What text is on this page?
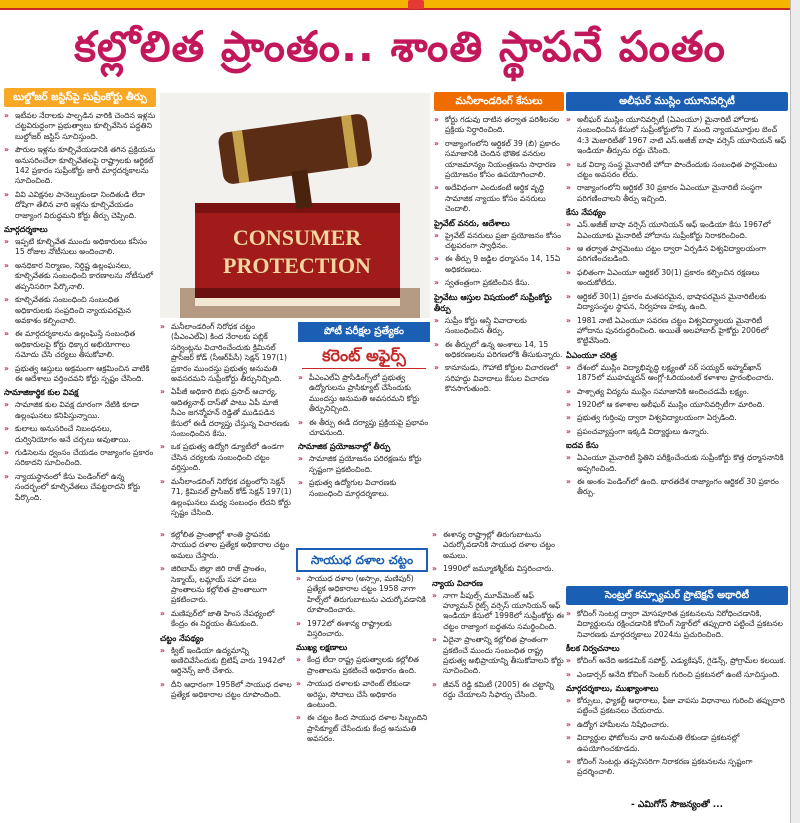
కల్లోలిత ప్రాంతం.. శాంతి స్థాపనే పంతం
బుల్డోజర్ జస్టిస్‌పై సుప్రీంకోర్టు తీర్పు
» ఇటీవల నేరాలకు పాల్పడిన వారికి చెందిన ఇళ్లను చట్టవిరుద్ధంగా ప్రభుత్వాలు కూల్చివేసిన పద్ధతిని బుల్డోజర్ జస్టిస్ సూచిస్తుంది.
» పౌరుల ఇళ్లను కూల్చివేయడానికి తగిన ప్రక్రియను అనుసరించేలా కూల్చివేతలపై రాష్ట్రాలకు ఆర్టికల్ 142 ప్రకారం సుప్రీంకోర్టు జారీ మార్గదర్శకాలను సూచించింది.
» వివి ఎవిక్షనల పానెల్పుకుండా నిందితుడి లేదా దోషిగా తేలిన వారి ఇళ్లను కూల్చివేయడం రాజ్యాంగ విరుద్ధమని కోర్టు తీర్పు చెప్పింది.
మార్గదర్శకాలు
» ఇప్పటి కూల్చివేత ముందు అధికారులు కనీసం 15 రోజుల నోటీసులు అందించాలి.
» అనధికార నిర్మాణం, నిర్దిష్ట ఉల్లంఘనలు, కూల్చివేతకు సంబంధించి కారణాలను నోటీసులో తప్పనిసరిగా పేర్కొనాలి.
» కూల్చివేతకు సంబంధించి సంబంధిత అధికారులకు సంప్రదించి న్యాయపరమైన అవకాశం కల్పించాలి.
» ఈ మార్గదర్శకాలను ఉల్లంఘిస్తే సంబంధిత అధికారులపై కోర్టు ధిక్కార అభియోగాలు నమోదు చేసి చర్యలు తీసుకోవాలి.
» ప్రభుత్వ ఆస్తులు అక్రమంగా ఆక్రమించిన వాటికి ఈ ఆదేశాలు వర్తించవని కోర్టు స్పష్టం చేసింది.
సామాజికార్థిక కుల వివక్ష
» సామాజిక కుల వివక్ష దూరంగా నేటికి కూడా ఉల్లంఘనలు కనిపిస్తున్నాయి.
» కులాలు అనుసరించే నిబంధనలు, దుర్వినియోగం అనే చర్చలు అవుతాయి.
» గుడిసెలను ధ్వంసం చేయడం రాజ్యాంగం ప్రకారం సరికాదని సూచించింది.
» న్యాయస్థానంలో కేసు పెండింగ్‌లో ఉన్న సందర్భంలో కూల్చివేతలు చేపట్టరాదని కోర్టు పేర్కొంది.
CONSUMER
PROTECTION
» మనీలాండరింగ్ నిరోధక చట్టం (పీఎంఎల్ఏ) కింద నేరాలకు పబ్లిక్ సర్వెంట్లను విచారించేందుకు క్రిమినల్ ప్రొసీజర్ కోడ్ (సీఆర్‌పీసీ) సెక్షన్ 197(1) ప్రకారం ముందస్తు ప్రభుత్వ అనుమతి అవసరమని సుప్రీంకోర్టు తీర్పునిచ్చింది.
» ఏపీజీ అధికారి బిభు ప్రసాద్ ఆచార్య, ఆదిత్యనాథ్ దాస్‌తో పాటు ఏపీ మాజీ సీఎం జగన్మోహన్ రెడ్డితో ముడిపడిన కేసులో ఈడీ దర్యాప్తు చేస్తున్న విచారణకు సంబంధించిన కేసు.
» ఒక ప్రభుత్వ ఉద్యోగి డ్యూటీలో ఉండగా చేసిన చర్యలకు సంబంధించి చట్టం వర్తిస్తుంది.
» మనీలాండరింగ్ నిరోధక చట్టంలోని సెక్షన్ 71, క్రిమినల్ ప్రొసీజర్ కోడ్ సెక్షన్ 197(1) ఉల్లంఘనలు మధ్య సంబంధం లేదని కోర్టు స్పష్టం చేసింది.
పోటీ పరీక్షల ప్రత్యేకం
కరెంట్ అఫైర్స్
» పీఎంఎల్ఏ ప్రొసీడింగ్స్‌లో ప్రభుత్వ ఉద్యోగులను ప్రాసిక్యూట్ చేసేందుకు ముందస్తు అనుమతి అవసరమని కోర్టు తీర్పునిచ్చింది.
» ఈ తీర్పు ఈడీ దర్యాప్తు ప్రక్రియపై ప్రభావం చూపనుంది.
సామాజిక ప్రయోజనాల్లో తీర్పు
» సామాజిక ప్రయోజనం పరిరక్షణను కోర్టు స్పష్టంగా ప్రకటించింది.
» ప్రభుత్వ ఉద్యోగుల విచారణకు సంబంధించి మార్గదర్శకాలు.
మనీలాండరింగ్ కేసులు
» కోర్టు గడువు దాటిన తర్వాత పరిశీలనల ప్రక్రియ నిర్ధారించింది.
» రాజ్యాంగంలోని ఆర్టికల్ 39 (బి) ప్రకారం సమాజానికి చెందిన భౌతిక వనరుల యాజమాన్యం నియంత్రణను సాధారణ ప్రయోజనం కోసం ఉపయోగించాలి.
» అదేవిధంగా ఎందుకంటే ఆర్థిక వృద్ధి సామాజిక న్యాయం కోసం వనరులు చెందాలి.
ప్రైవేట్ వనరు, ఆదేశాలు
» ప్రైవేట్ వనరులు ప్రజా ప్రయోజనం కోసం చట్టపరంగా స్వాధీనం.
» ఈ తీర్పు 9 జడ్జిల ధర్మాసనం 14, 15ఏ అధికరణలు.
» స్వతంత్రంగా ప్రకటించిన కేసు.
ప్రైవేటు ఆస్తుల విషయంలో సుప్రీంకోర్టు తీర్పు
» సుప్రీం కోర్టు ఆస్తి వివాదాలకు సంబంధించిన తీర్పు.
» ఈ తీర్పులో ఉన్న అంశాలు 14, 15 అధికరణలను పరిగణలోకి తీసుకున్నారు.
» కానూనుడు, గౌహాటి కోర్టుల విచారణలో సరిహద్దు వివాదాలు కేసుల విచారణ కొనసాగుతుంది.
అలీఘర్ ముస్లిం యూనివర్సిటీ
» అలీఘర్ ముస్లిం యూనివర్సిటీ (ఏఎంయూ) మైనారిటీ హోదాకు సంబంధించిన కేసులో సుప్రీంకోర్టులోని 7 మంది న్యాయమూర్తుల బెంచ్ 4:3 మెజారిటీతో 1967 నాటి ఎస్.అజీజ్ బాషా వర్సెస్ యూనియన్ ఆఫ్ ఇండియా తీర్పును రద్దు చేసింది.
» ఒక విద్యా సంస్థ మైనారిటీ హోదా పొందేందుకు సంబంధిత పార్లమెంటు చట్టం అవసరం లేదు.
» రాజ్యాంగంలోని ఆర్టికల్ 30 ప్రకారం ఏఎంయూ మైనారిటీ సంస్థగా పరిగణించాలని తీర్పు ఇచ్చింది.
కేసు నేపథ్యం
» ఎస్.అజీజ్ బాషా వర్సెస్ యూనియన్ ఆఫ్ ఇండియా కేసు 1967లో ఏఎంయూకు మైనారిటీ హోదాను సుప్రీంకోర్టు నిరాకరించింది.
» ఆ తర్వాత పార్లమెంటు చట్టం ద్వారా ఏర్పడిన విశ్వవిద్యాలయంగా పరిగణించబడింది.
» ఫలితంగా ఏఎంయూ ఆర్టికల్ 30(1) ప్రకారం కల్పించిన రక్షణలు అందుకోలేదు.
» ఆర్టికల్ 30(1) ప్రకారం మతపరమైన, భాషాపరమైన మైనారిటీలకు విద్యాసంస్థల స్థాపన, నిర్వహణ హక్కు ఉంది.
» 1981 నాటి ఏఎంయూ సవరణ చట్టం విశ్వవిద్యాలయ మైనారిటీ హోదాను పునరుద్ధరించింది. అయితే అలహాబాద్ హైకోర్టు 2006లో కొట్టివేసింది.
ఏఎంయూ చరిత్ర
» దేశంలో ముస్లిం విద్యాభివృద్ధి లక్ష్యంతో సర్ సయ్యద్ అహ్మద్‌ఖాన్ 1875లో ముహమ్మదన్ ఆంగ్లో-ఓరియంటల్ కళాశాల ప్రారంభించారు.
» పాశ్చాత్య విద్యను ముస్లిం సమాజానికి అందించడమే లక్ష్యం.
» 1920లో ఆ కళాశాల అలీఘర్ ముస్లిం యూనివర్సిటీగా మారింది.
» ప్రభుత్వ గుర్తింపు ద్వారా విశ్వవిద్యాలయంగా ఏర్పడింది.
» ప్రపంచవ్యాప్తంగా ఇక్కడి విద్యార్థులు ఉన్నారు.
ఐదవ కేసు
» ఏఎంయూ మైనారిటీ స్థితిని పరీక్షించేందుకు సుప్రీంకోర్టు కొత్త ధర్మాసనానికి అప్పగించింది.
» ఈ అంశం పెండింగ్‌లో ఉంది. భారతదేశ రాజ్యాంగం ఆర్టికల్ 30 ప్రకారం తీర్పు.
» కల్లోలిత ప్రాంతాల్లో శాంతి స్థాపనకు సాయుధ దళాల ప్రత్యేక అధికారాల చట్టం అమలు చేస్తారు.
» జిరిబామ్ జిల్లా జిరి రాజ్ ప్రాంతం, సెక్మాయ్, లమ్లాయ్ సహా పలు ప్రాంతాలను కల్లోలిత ప్రాంతాలుగా ప్రకటించారు.
» మణిపుర్‌లో జాతి హింస నేపథ్యంలో కేంద్రం ఈ నిర్ణయం తీసుకుంది.
చట్టం నేపథ్యం
» క్విట్ ఇండియా ఉద్యమాన్ని అణిచివేసేందుకు బ్రిటిష్ వారు 1942లో ఆర్డినెన్స్ జారీ చేశారు.
» దీని ఆధారంగా 1958లో సాయుధ దళాల ప్రత్యేక అధికారాల చట్టం రూపొందింది.
» సాయుధ దళాల (అస్సాం, మణిపుర్) ప్రత్యేక అధికారాల చట్టం 1958 నాగా హిల్స్‌లో తిరుగుబాటును ఎదుర్కోవడానికి రూపొందించారు.
» 1972లో ఈశాన్య రాష్ట్రాలకు విస్తరించారు.
ముఖ్య లక్షణాలు
» కేంద్ర లేదా రాష్ట్ర ప్రభుత్వాలకు కల్లోలిత ప్రాంతాలను ప్రకటించే అధికారం ఉంది.
» సాయుధ దళాలకు వారెంట్ లేకుండా అరెస్టు, సోదాలు చేసే అధికారం ఉంటుంది.
» ఈ చట్టం కింద సాయుధ దళాల సిబ్బందిని ప్రాసిక్యూట్ చేసేందుకు కేంద్ర అనుమతి అవసరం.
సాయుధ దళాల చట్టం
» ఈశాన్య రాష్ట్రాల్లో తిరుగుబాటును ఎదుర్కోవడానికి సాయుధ దళాల చట్టం అమలు.
» 1990లో జమ్మూకశ్మీర్‌కు విస్తరించారు.
న్యాయ విచారణ
» నాగా పీపుల్స్ మూవ్‌మెంట్ ఆఫ్ హ్యూమన్ రైట్స్ వర్సెస్ యూనియన్ ఆఫ్ ఇండియా కేసులో 1998లో సుప్రీంకోర్టు ఈ చట్టం రాజ్యాంగ బద్ధతను సమర్థించింది.
» ఏదైనా ప్రాంతాన్ని కల్లోలిత ప్రాంతంగా ప్రకటించే ముందు సంబంధిత రాష్ట్ర ప్రభుత్వ అభిప్రాయాన్ని తీసుకోవాలని కోర్టు సూచించింది.
» జీవన్ రెడ్డి కమిటీ (2005) ఈ చట్టాన్ని రద్దు చేయాలని సిఫార్సు చేసింది.
సెంట్రల్ కన్స్యూమర్ ప్రొటెక్షన్ అథారిటీ
» కోచింగ్ సెంటర్ల ద్వారా మోసపూరిత ప్రకటనలను నిరోధించడానికి, విద్యార్థులను రక్షించడానికి కోచింగ్ సెక్టార్‌లో తప్పుదారి పట్టించే ప్రకటనల నివారణకు మార్గదర్శకాలు 2024ను ప్రచురించింది.
కీలక నిర్వచనాలు
» కోచింగ్ అనేది అకడమిక్ సపోర్ట్, ఎడ్యుకేషన్, గైడెన్స్, ప్రోగ్రామ్‌ల కలయిక.
» ఎండార్సర్ అనేది కోచింగ్ సెంటర్ గురించి ప్రకటనలో ఉంటే సూచిస్తుంది.
మార్గదర్శకాలు, ముఖ్యాంశాలు
» కోర్సులు, ఫ్యాకల్టీ ఆధారాలు, ఫీజు వాపసు విధానాలు గురించి తప్పుదారి పట్టించే ప్రకటనలు చేయరాదు.
» ఉద్యోగ హామీలను నిషేధించారు.
» విద్యార్థుల ఫోటోలను వారి అనుమతి లేకుండా ప్రకటనల్లో ఉపయోగించకూడదు.
» కోచింగ్ సెంటర్లు తప్పనిసరిగా నిరాకరణ ప్రకటనలను స్పష్టంగా ప్రదర్శించాలి.
- ఎమిగోస్ సౌజన్యంతో ...
